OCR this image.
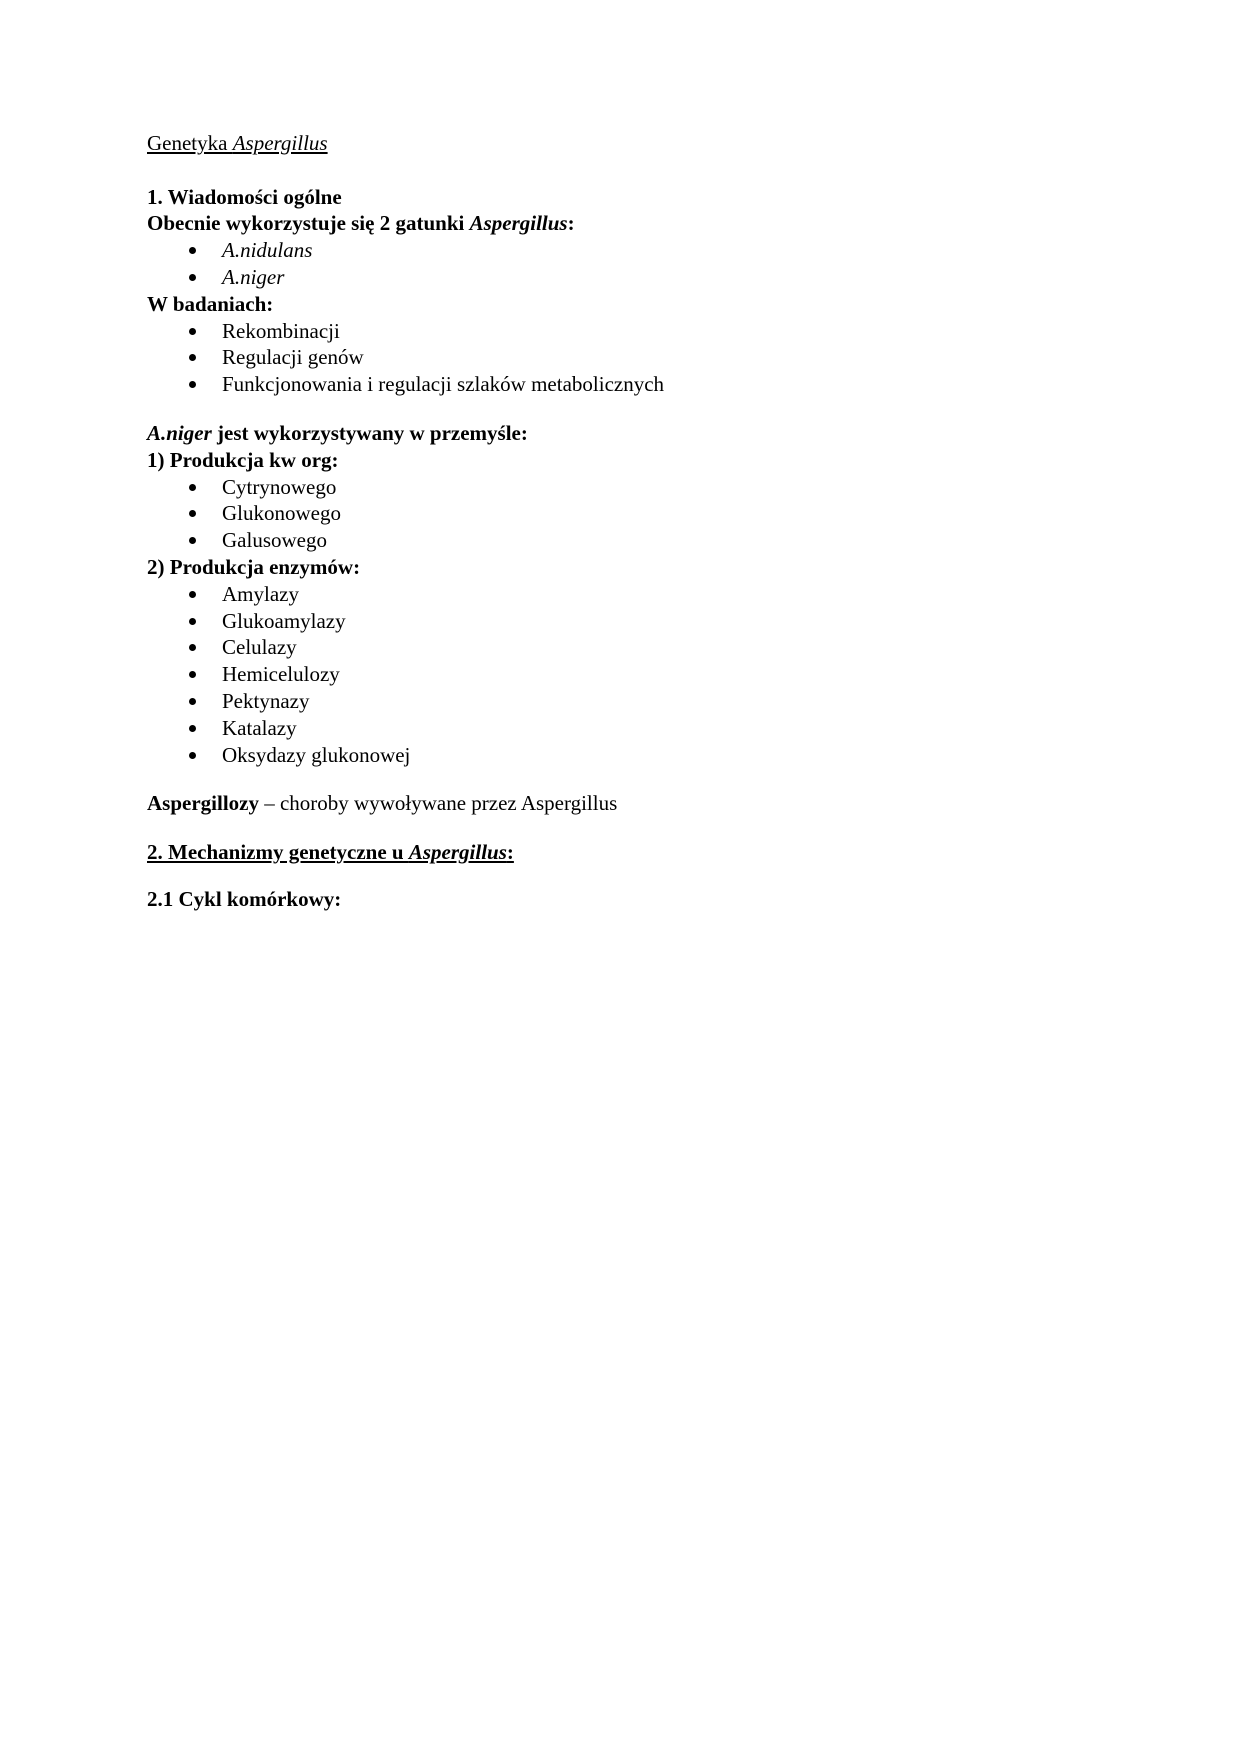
Genetyka Aspergillus
1. Wiadomości ogólne
Obecnie wykorzystuje się 2 gatunki Aspergillus:
A.nidulans
A.niger
W badaniach:
Rekombinacji
Regulacji genów
Funkcjonowania i regulacji szlaków metabolicznych
A.niger jest wykorzystywany w przemyśle:
1) Produkcja kw org:
Cytrynowego
Glukonowego
Galusowego
2) Produkcja enzymów:
Amylazy
Glukoamylazy
Celulazy
Hemicelulozy
Pektynazy
Katalazy
Oksydazy glukonowej
Aspergillozy – choroby wywoływane przez Aspergillus
2. Mechanizmy genetyczne u Aspergillus:
2.1 Cykl komórkowy:
